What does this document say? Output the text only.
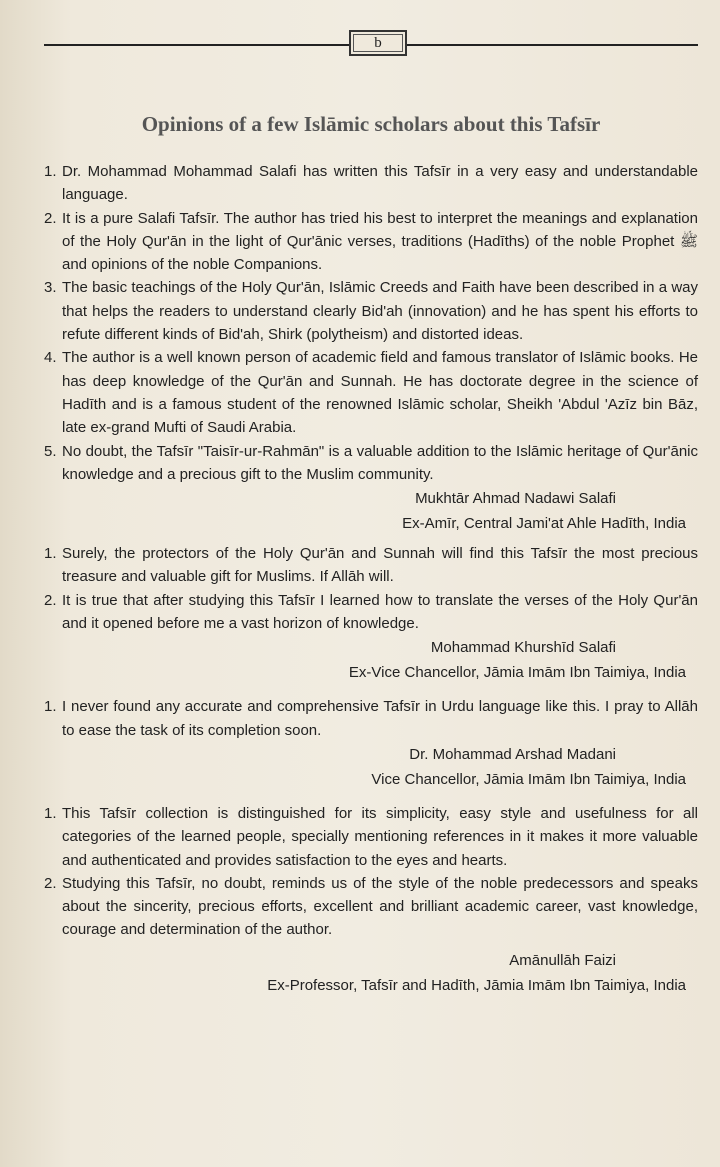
b
Opinions of a few Islāmic scholars about this Tafsīr
1. Dr. Mohammad Mohammad Salafi has written this Tafsīr in a very easy and understandable language.
2. It is a pure Salafi Tafsīr. The author has tried his best to interpret the meanings and explanation of the Holy Qur'ān in the light of Qur'ānic verses, traditions (Hadīths) of the noble Prophet ﷺ and opinions of the noble Companions.
3. The basic teachings of the Holy Qur'ān, Islāmic Creeds and Faith have been described in a way that helps the readers to understand clearly Bid'ah (innovation) and he has spent his efforts to refute different kinds of Bid'ah, Shirk (polytheism) and distorted ideas.
4. The author is a well known person of academic field and famous translator of Islāmic books. He has deep knowledge of the Qur'ān and Sunnah. He has doctorate degree in the science of Hadīth and is a famous student of the renowned Islāmic scholar, Sheikh 'Abdul 'Azīz bin Bāz, late ex-grand Mufti of Saudi Arabia.
5. No doubt, the Tafsīr "Taisīr-ur-Rahmān" is a valuable addition to the Islāmic heritage of Qur'ānic knowledge and a precious gift to the Muslim community.
Mukhtār Ahmad Nadawi Salafi
Ex-Amīr, Central Jami'at Ahle Hadīth, India
1. Surely, the protectors of the Holy Qur'ān and Sunnah will find this Tafsīr the most precious treasure and valuable gift for Muslims. If Allāh will.
2. It is true that after studying this Tafsīr I learned how to translate the verses of the Holy Qur'ān and it opened before me a vast horizon of knowledge.
Mohammad Khurshīd Salafi
Ex-Vice Chancellor, Jāmia Imām Ibn Taimiya, India
1. I never found any accurate and comprehensive Tafsīr in Urdu language like this. I pray to Allāh to ease the task of its completion soon.
Dr. Mohammad Arshad Madani
Vice Chancellor, Jāmia Imām Ibn Taimiya, India
1. This Tafsīr collection is distinguished for its simplicity, easy style and usefulness for all categories of the learned people, specially mentioning references in it makes it more valuable and authenticated and provides satisfaction to the eyes and hearts.
2. Studying this Tafsīr, no doubt, reminds us of the style of the noble predecessors and speaks about the sincerity, precious efforts, excellent and brilliant academic career, vast knowledge, courage and determination of the author.
Amānullāh Faizi
Ex-Professor, Tafsīr and Hadīth, Jāmia Imām Ibn Taimiya, India
